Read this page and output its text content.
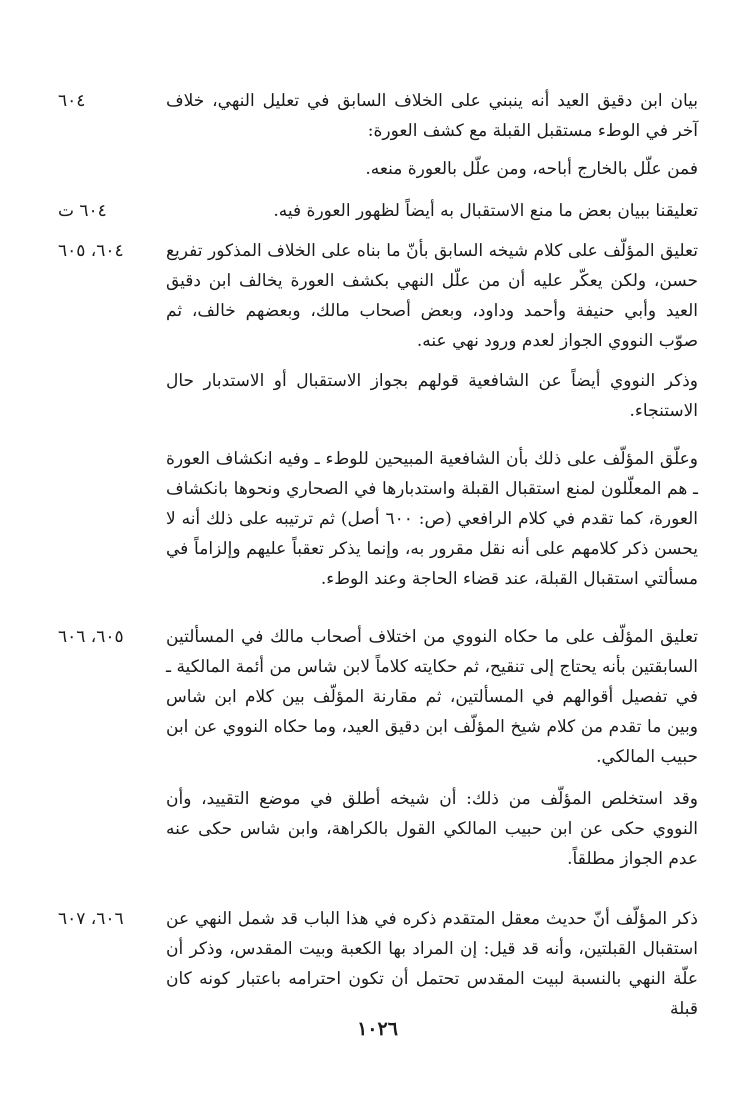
٦٠٤	بيان ابن دقيق العيد أنه ينبني على الخلاف السابق في تعليل النهي، خلاف آخر في الوطء مستقبل القبلة مع كشف العورة:

فمن علّل بالخارج أباحه، ومن علّل بالعورة منعه.

٦٠٤ ت	تعليقنا ببيان بعض ما منع الاستقبال به أيضاً لظهور العورة فيه.

٦٠٤، ٦٠٥	تعليق المؤلّف على كلام شيخه السابق بأنّ ما بناه على الخلاف المذكور تفريع حسن، ولكن يعكّر عليه أن من علّل النهي بكشف العورة يخالف ابن دقيق العيد وأبي حنيفة وأحمد وداود، وبعض أصحاب مالك، وبعضهم خالف، ثم صوّب النووي الجواز لعدم ورود نهي عنه.

وذكر النووي أيضاً عن الشافعية قولهم بجواز الاستقبال أو الاستدبار حال الاستنجاء.

وعلّق المؤلّف على ذلك بأن الشافعية المبيحين للوطء ـ وفيه انكشاف العورة ـ هم المعلّلون لمنع استقبال القبلة واستدبارها في الصحاري ونحوها بانكشاف العورة، كما تقدم في كلام الرافعي (ص: ٦٠٠ أصل) ثم ترتيبه على ذلك أنه لا يحسن ذكر كلامهم على أنه نقل مقرور به، وإنما يذكر تعقباً عليهم وإلزاماً في مسألتي استقبال القبلة، عند قضاء الحاجة وعند الوطء.

٦٠٥، ٦٠٦	تعليق المؤلّف على ما حكاه النووي من اختلاف أصحاب مالك في المسألتين السابقتين بأنه يحتاج إلى تنقيح، ثم حكايته كلاماً لابن شاس من أئمة المالكية ـ في تفصيل أقوالهم في المسألتين، ثم مقارنة المؤلّف بين كلام ابن شاس وبين ما تقدم من كلام شيخ المؤلّف ابن دقيق العيد، وما حكاه النووي عن ابن حبيب المالكي.

وقد استخلص المؤلّف من ذلك: أن شيخه أطلق في موضع التقييد، وأن النووي حكى عن ابن حبيب المالكي القول بالكراهة، وابن شاس حكى عنه عدم الجواز مطلقاً.

٦٠٦، ٦٠٧	ذكر المؤلّف أنّ حديث معقل المتقدم ذكره في هذا الباب قد شمل النهي عن استقبال القبلتين، وأنه قد قيل: إن المراد بها الكعبة وبيت المقدس، وذكر أن علّة النهي بالنسبة لبيت المقدس تحتمل أن تكون احترامه باعتبار كونه كان قبلة

١٠٢٦
